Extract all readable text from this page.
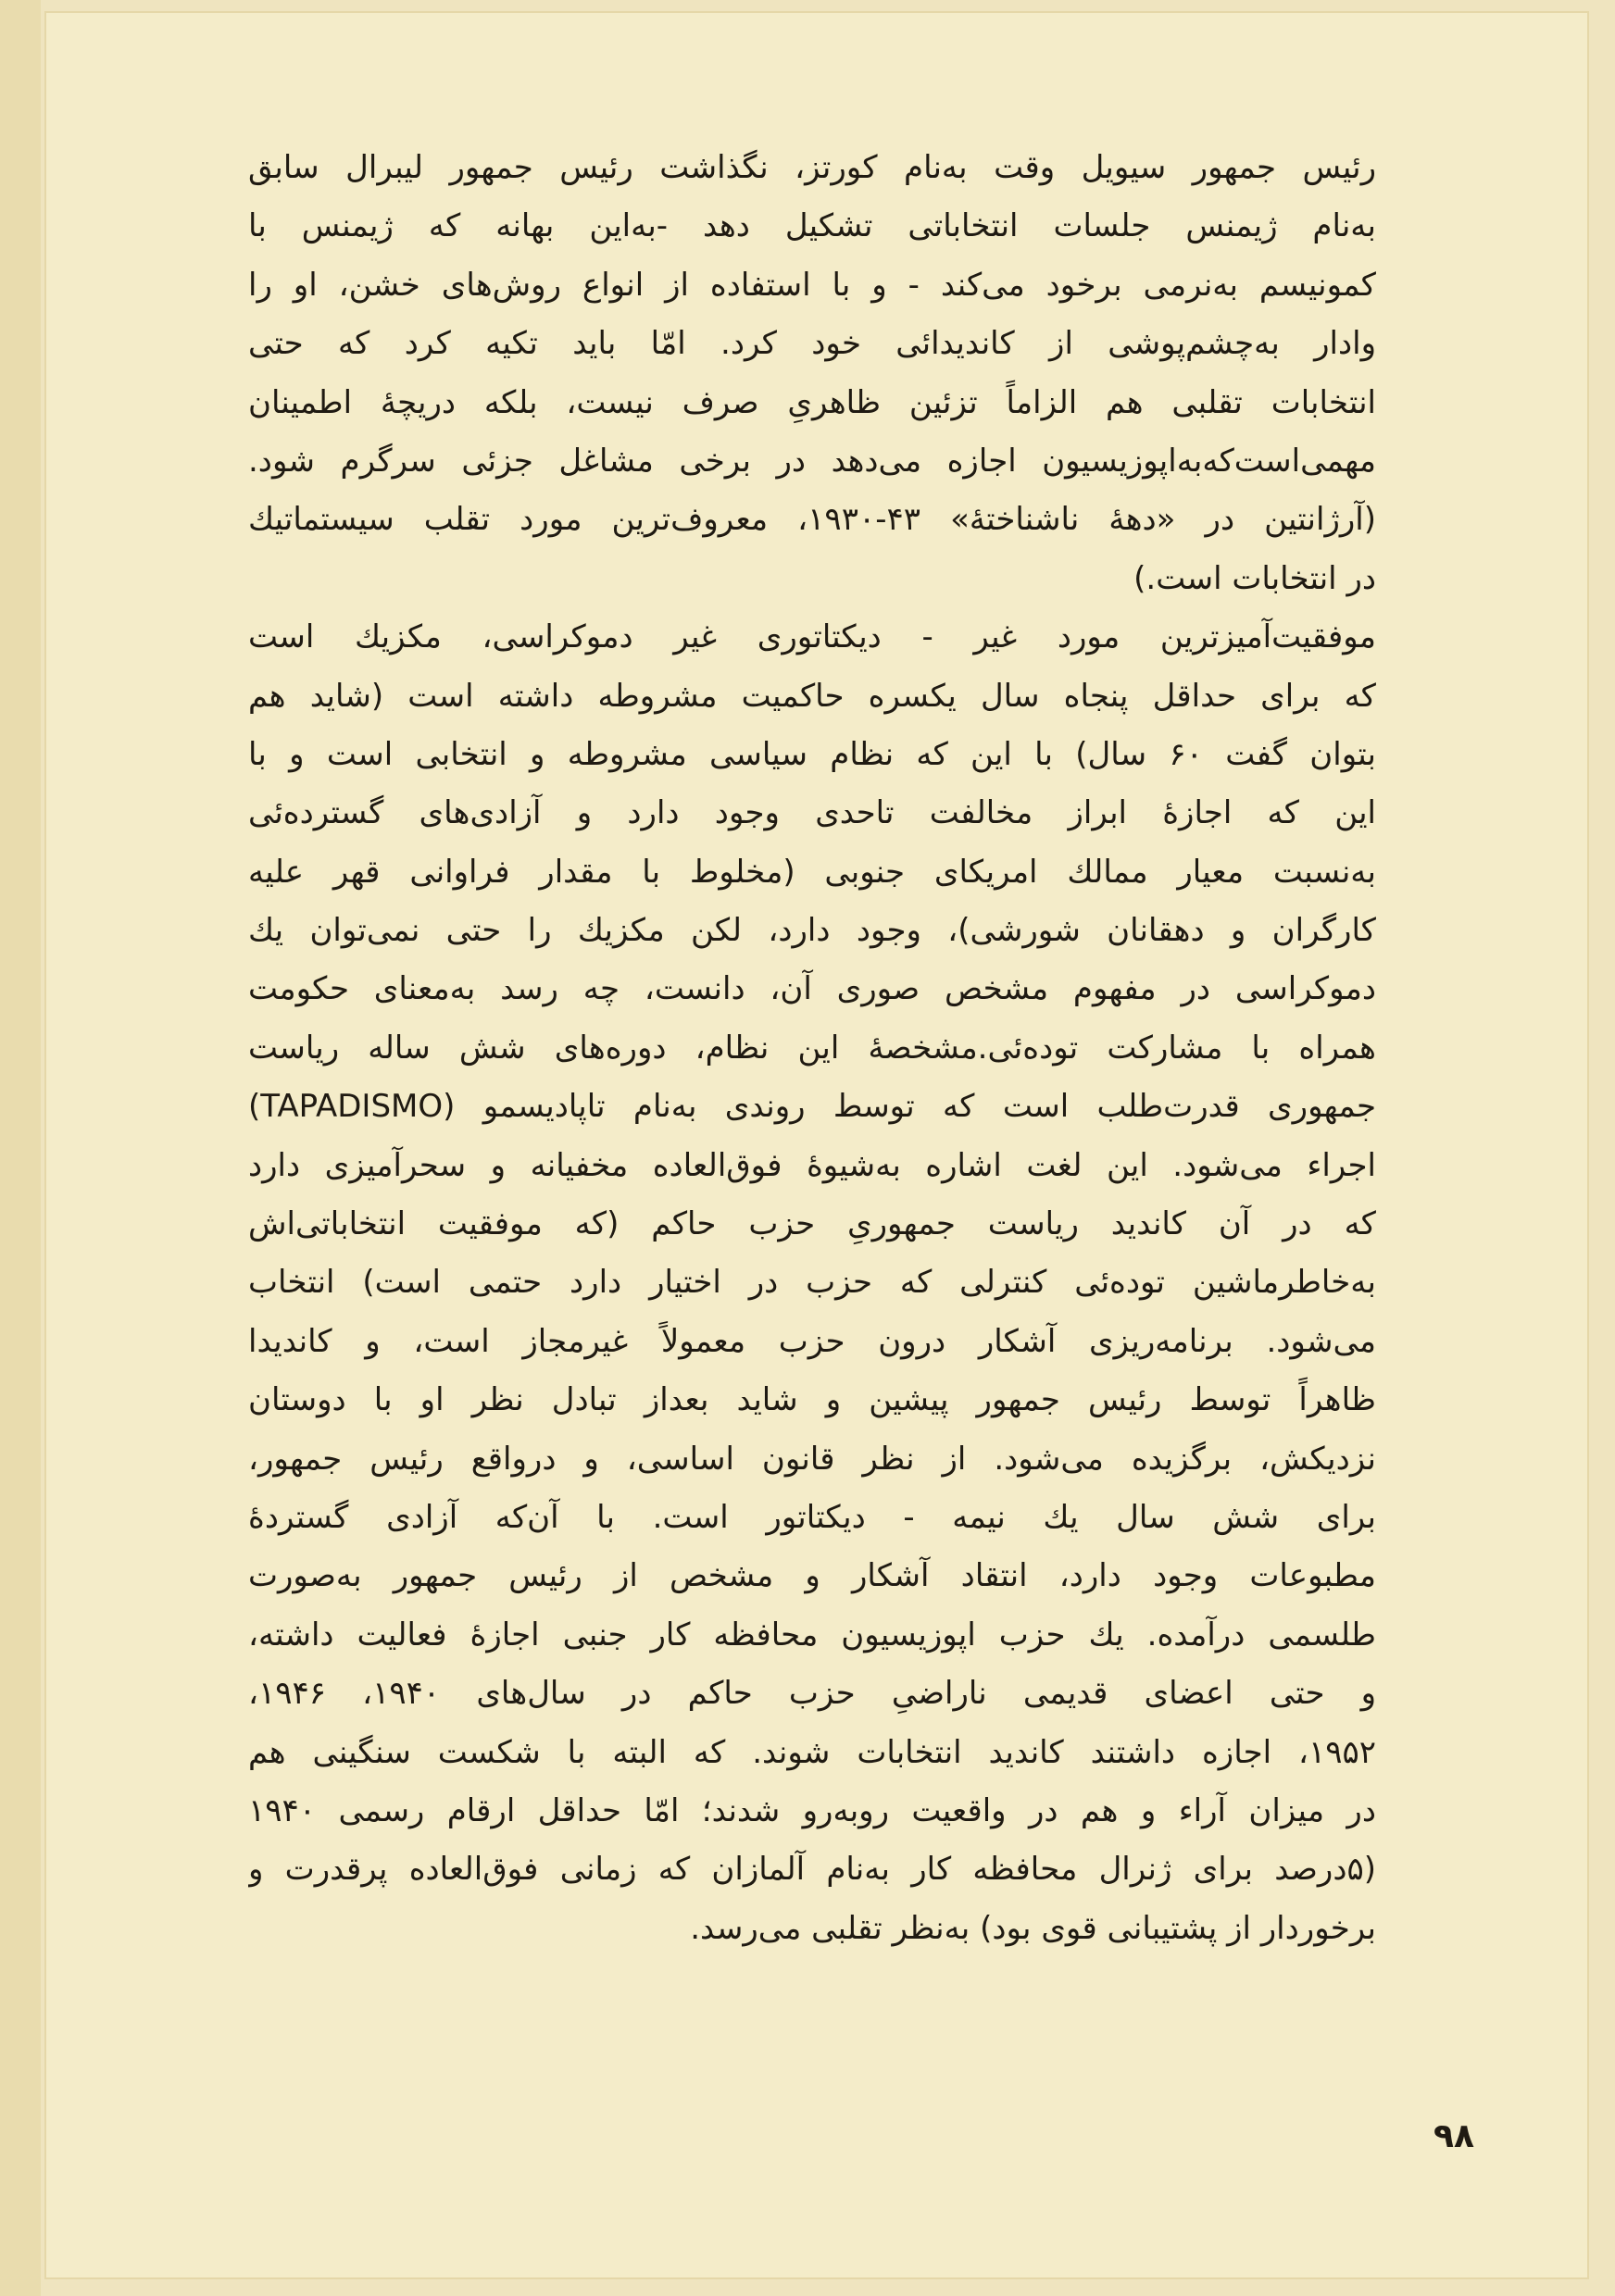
رئیس جمهور سیویل وقت به‌نام کورتز، نگذاشت رئیس جمهور لیبرال سابق
به‌نام ژیمنس جلسات انتخاباتی تشکیل دهد -به‌این بهانه که ژیمنس با
کمونیسم به‌نرمی برخود می‌کند - و با استفاده از انواع روش‌های خشن، او را
وادار به‌چشم‌پوشی از کاندیدائی خود کرد. امّا باید تکیه کرد که حتی
انتخابات تقلبی هم الزاماً تزئین ظاهریِ صرف نیست، بلکه دریچهٔ اطمینان
مهمی‌است‌که‌به‌اپوزیسیون اجازه می‌دهد در برخی مشاغل جزئی سرگرم شود.
(آرژانتین در «دههٔ ناشناختهٔ» ۴۳-۱۹۳۰، معروف‌ترین مورد تقلب سیستماتیك
در انتخابات است.)
موفقیت‌آمیزترین مورد غیر - دیکتاتوری غیر دموکراسی، مکزیك است
که برای حداقل پنجاه سال یکسره حاکمیت مشروطه داشته است (شاید هم
بتوان گفت ۶۰ سال) با این که نظام سیاسی مشروطه و انتخابی است و با
این که اجازهٔ ابراز مخالفت تاحدی وجود دارد و آزادی‌های گسترده‌ئی
به‌نسبت معیار ممالك امریکای جنوبی (مخلوط با مقدار فراوانی قهر علیه
کارگران و دهقانان شورشی)، وجود دارد، لکن مکزیك را حتی نمی‌توان یك
دموکراسی در مفهوم مشخص صوری آن، دانست، چه رسد به‌معنای حکومت
همراه با مشارکت توده‌ئی.مشخصهٔ این نظام، دوره‌های شش ساله ریاست
جمهوری قدرت‌طلب است که توسط روندی به‌نام تاپادیسمو (TAPADISMO)
اجراء می‌شود. این لغت اشاره به‌شیوهٔ فوق‌العاده مخفیانه و سحرآمیزی دارد
که در آن کاندید ریاست جمهوریِ حزب حاکم (که موفقیت انتخاباتی‌اش
به‌خاطرماشین توده‌ئی کنترلی که حزب در اختیار دارد حتمی است) انتخاب
می‌شود. برنامه‌ریزی آشکار درون حزب معمولاً غیرمجاز است، و کاندیدا
ظاهراً توسط رئیس جمهور پیشین و شاید بعداز تبادل نظر او با دوستان
نزدیکش، برگزیده می‌شود. از نظر قانون اساسی، و درواقع رئیس جمهور،
برای شش سال یك نیمه - دیکتاتور است. با آن‌که آزادی گستردهٔ
مطبوعات وجود دارد، انتقاد آشکار و مشخص از رئیس جمهور به‌صورت
طلسمی درآمده. یك حزب اپوزیسیون محافظه کار جنبی اجازهٔ فعالیت داشته،
و حتی اعضای قدیمی ناراضیِ حزب حاکم در سال‌های ۱۹۴۰، ۱۹۴۶،
۱۹۵۲، اجازه داشتند کاندید انتخابات شوند. که البته با شکست سنگینی هم
در میزان آراء و هم در واقعیت روبه‌رو شدند؛ امّا حداقل ارقام رسمی ۱۹۴۰
(۵درصد برای ژنرال محافظه کار به‌نام آلمازان که زمانی فوق‌العاده پرقدرت و
برخوردار از پشتیبانی قوی بود) به‌نظر تقلبی می‌رسد.
۹۸
